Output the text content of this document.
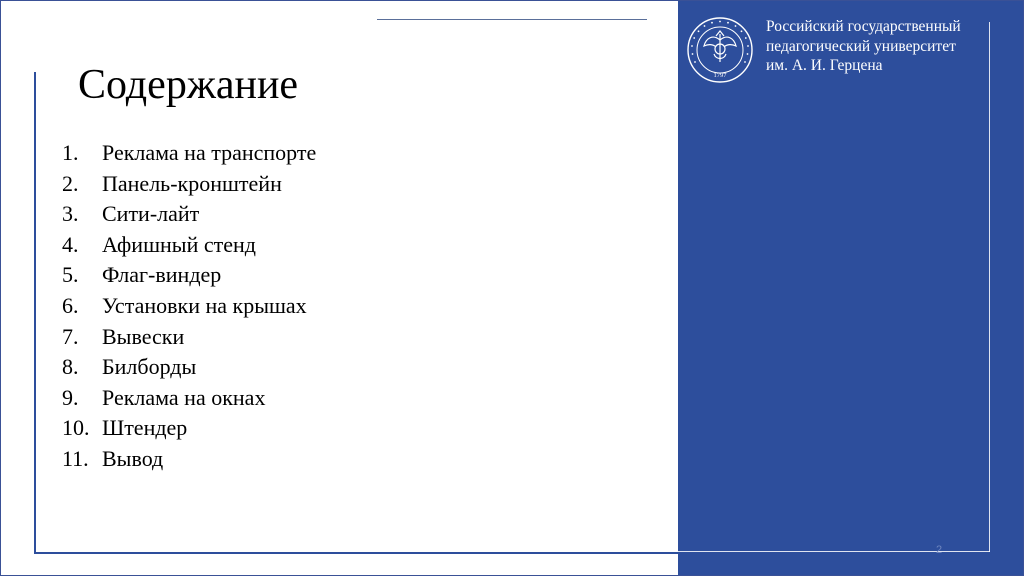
Содержание
1.	Реклама на транспорте
2.	Панель-кронштейн
3.	Сити-лайт
4.	Афишный стенд
5.	Флаг-виндер
6.	Установки на крышах
7.	Вывески
8.	Билборды
9.	Реклама на окнах
10. Штендер
11. Вывод
1797
Российский государственный
педагогический университет
им. А. И. Герцена
2
